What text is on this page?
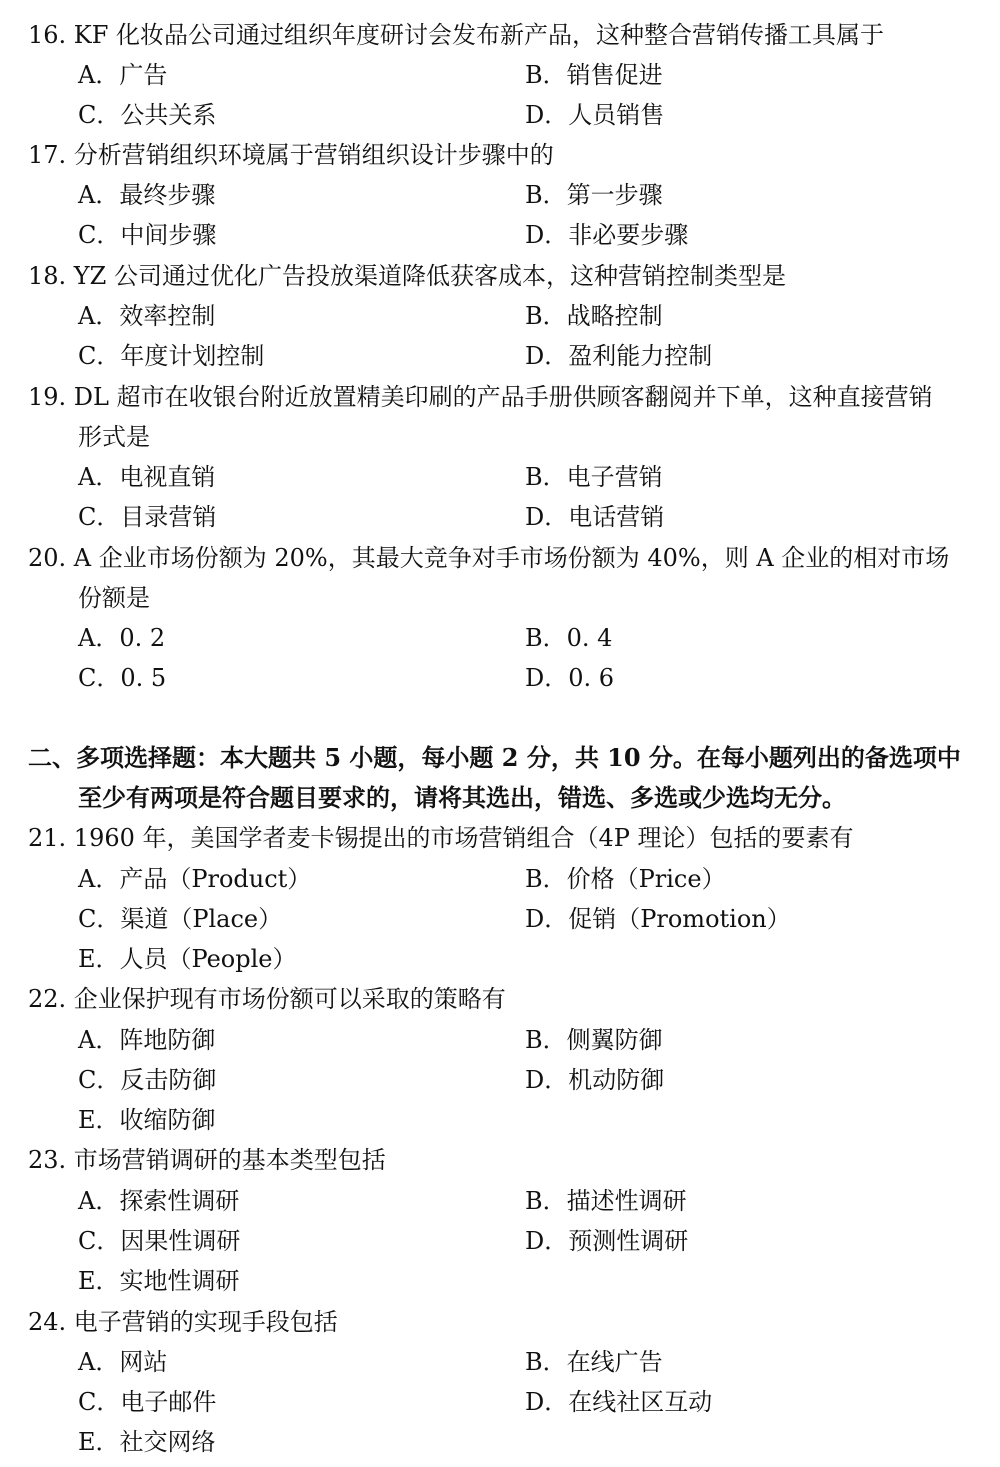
16. KF 化妆品公司通过组织年度研讨会发布新产品，这种整合营销传播工具属于
A．广告	B．销售促进
C．公共关系	D．人员销售
17. 分析营销组织环境属于营销组织设计步骤中的
A．最终步骤	B．第一步骤
C．中间步骤	D．非必要步骤
18. YZ 公司通过优化广告投放渠道降低获客成本，这种营销控制类型是
A．效率控制	B．战略控制
C．年度计划控制	D．盈利能力控制
19. DL 超市在收银台附近放置精美印刷的产品手册供顾客翻阅并下单，这种直接营销
形式是
A．电视直销	B．电子营销
C．目录营销	D．电话营销
20. A 企业市场份额为 20%，其最大竞争对手市场份额为 40%，则 A 企业的相对市场
份额是
A．0. 2	B．0. 4
C．0. 5	D．0. 6
二、多项选择题：本大题共 5 小题，每小题 2 分，共 10 分。在每小题列出的备选项中
至少有两项是符合题目要求的，请将其选出，错选、多选或少选均无分。
21. 1960 年，美国学者麦卡锡提出的市场营销组合（4P 理论）包括的要素有
A．产品（Product）	B．价格（Price）
C．渠道（Place）	D．促销（Promotion）
E．人员（People）
22. 企业保护现有市场份额可以采取的策略有
A．阵地防御	B．侧翼防御
C．反击防御	D．机动防御
E．收缩防御
23. 市场营销调研的基本类型包括
A．探索性调研	B．描述性调研
C．因果性调研	D．预测性调研
E．实地性调研
24. 电子营销的实现手段包括
A．网站	B．在线广告
C．电子邮件	D．在线社区互动
E．社交网络
